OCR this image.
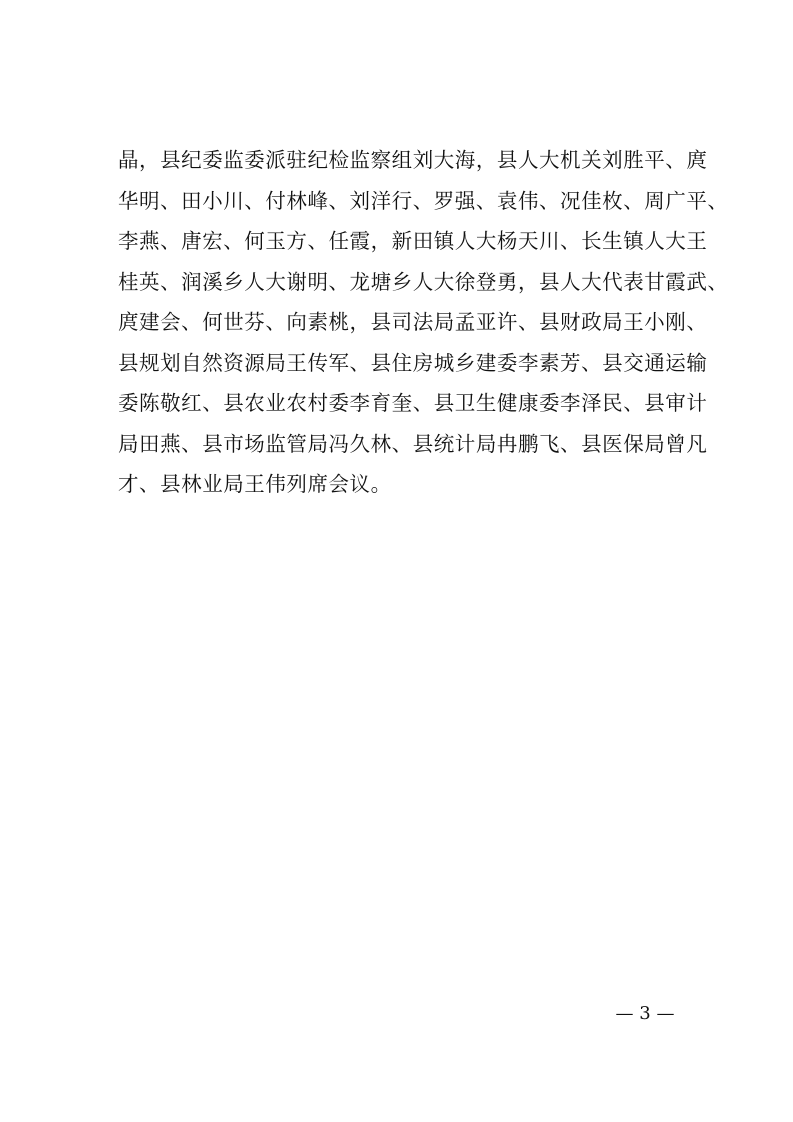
晶，县纪委监委派驻纪检监察组刘大海，县人大机关刘胜平、庹
华明、田小川、付林峰、刘洋行、罗强、袁伟、况佳枚、周广平、
李燕、唐宏、何玉方、任霞，新田镇人大杨天川、长生镇人大王
桂英、润溪乡人大谢明、龙塘乡人大徐登勇，县人大代表甘霞武、
庹建会、何世芬、向素桃，县司法局孟亚许、县财政局王小刚、
县规划自然资源局王传军、县住房城乡建委李素芳、县交通运输
委陈敬红、县农业农村委李育奎、县卫生健康委李泽民、县审计
局田燕、县市场监管局冯久林、县统计局冉鹏飞、县医保局曾凡
才、县林业局王伟列席会议。
— 3 —
